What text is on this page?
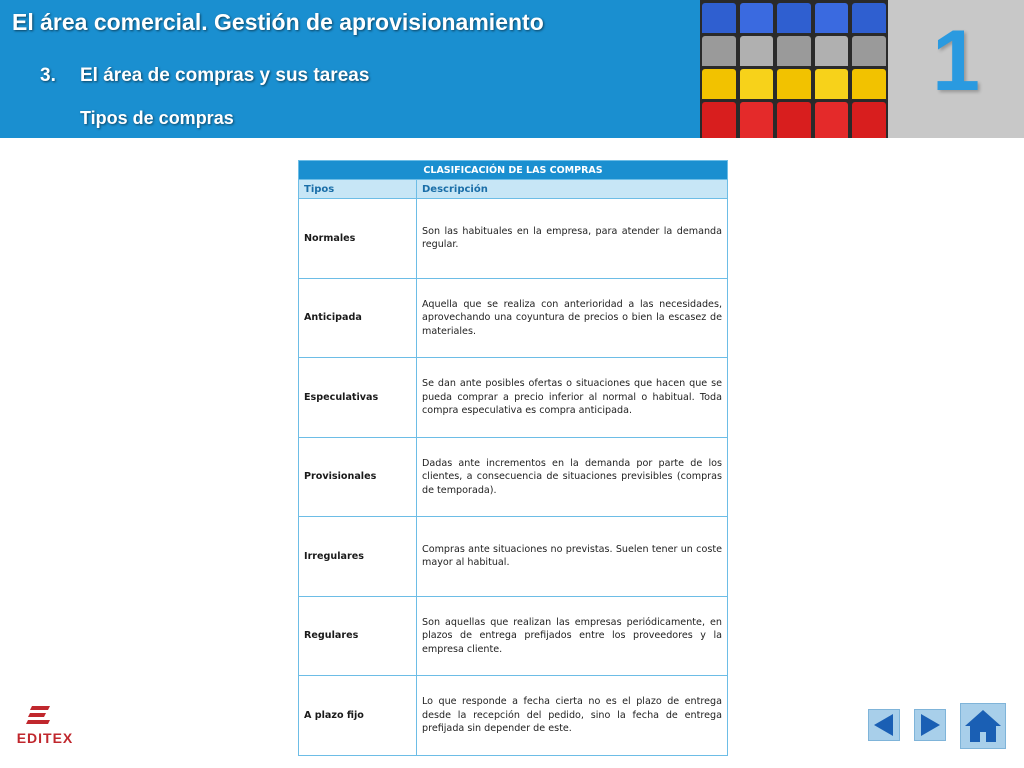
El área comercial. Gestión de aprovisionamiento
3. El área de compras y sus tareas
Tipos de compras
1
CLASIFICACIÓN DE LAS COMPRAS	
Tipos	Descripción
Normales	Son las habituales en la empresa, para atender la demanda regular.
Anticipada	Aquella que se realiza con anterioridad a las necesidades, aprovechando una coyuntura de precios o bien la escasez de materiales.
Especulativas	Se dan ante posibles ofertas o situaciones que hacen que se pueda comprar a precio inferior al normal o habitual. Toda compra especulativa es compra anticipada.
Provisionales	Dadas ante incrementos en la demanda por parte de los clientes, a consecuencia de situaciones previsibles (compras de temporada).
Irregulares	Compras ante situaciones no previstas. Suelen tener un coste mayor al habitual.
Regulares	Son aquellas que realizan las empresas periódicamente, en plazos de entrega prefijados entre los proveedores y la empresa cliente.
A plazo fijo	Lo que responde a fecha cierta no es el plazo de entrega desde la recepción del pedido, sino la fecha de entrega prefijada sin depender de este.
EDITEX
